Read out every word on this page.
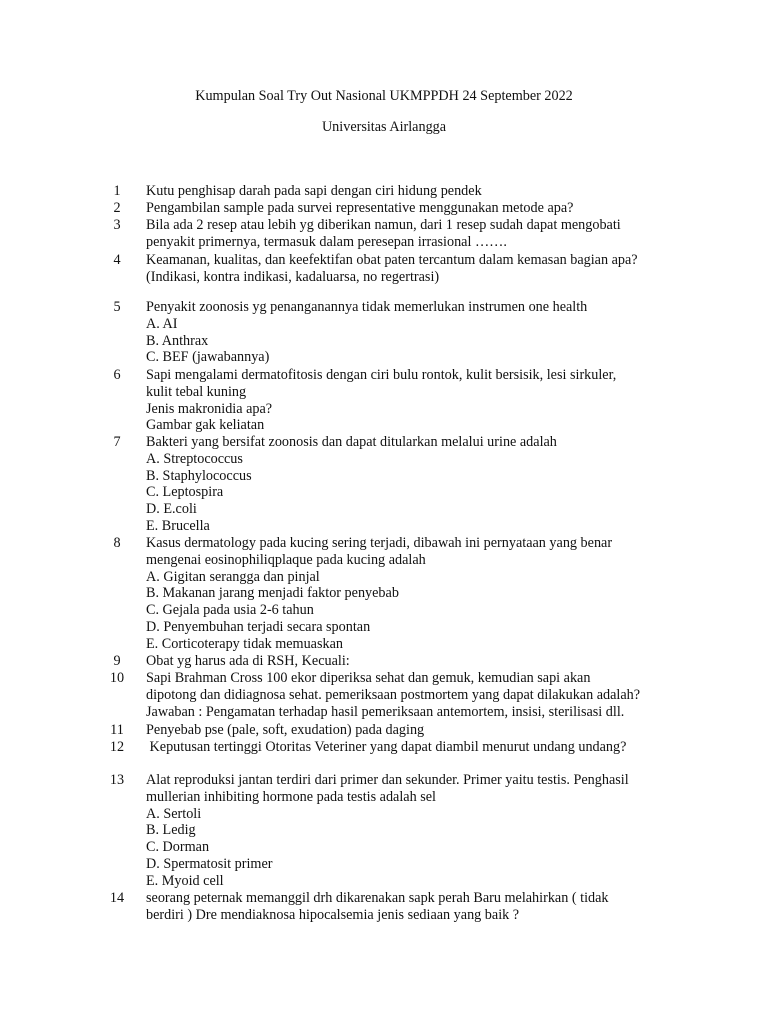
Kumpulan Soal Try Out Nasional UKMPPDH 24 September 2022
Universitas Airlangga
1	Kutu penghisap darah pada sapi dengan ciri hidung pendek
2	Pengambilan sample pada survei representative menggunakan metode apa?
3	Bila ada 2 resep atau lebih yg diberikan namun, dari 1 resep sudah dapat mengobati
penyakit primernya, termasuk dalam peresepan irrasional …….
4	Keamanan, kualitas, dan keefektifan obat paten tercantum dalam kemasan bagian apa?
(Indikasi, kontra indikasi, kadaluarsa, no regertrasi)
5	Penyakit zoonosis yg penanganannya tidak memerlukan instrumen one health
A. AI
B. Anthrax
C. BEF (jawabannya)
6	Sapi mengalami dermatofitosis dengan ciri bulu rontok, kulit bersisik, lesi sirkuler,
kulit tebal kuning
Jenis makronidia apa?
Gambar gak keliatan
7	Bakteri yang bersifat zoonosis dan dapat ditularkan melalui urine adalah
A. Streptococcus
B. Staphylococcus
C. Leptospira
D. E.coli
E. Brucella
8	Kasus dermatology pada kucing sering terjadi, dibawah ini pernyataan yang benar
mengenai eosinophiliqplaque pada kucing adalah
A. Gigitan serangga dan pinjal
B. Makanan jarang menjadi faktor penyebab
C. Gejala pada usia 2-6 tahun
D. Penyembuhan terjadi secara spontan
E. Corticoterapy tidak memuaskan
9	Obat yg harus ada di RSH, Kecuali:
10	Sapi Brahman Cross 100 ekor diperiksa sehat dan gemuk, kemudian sapi akan
dipotong dan didiagnosa sehat. pemeriksaan postmortem yang dapat dilakukan adalah?
Jawaban : Pengamatan terhadap hasil pemeriksaan antemortem, insisi, sterilisasi dll.
11	Penyebab pse (pale, soft, exudation) pada daging
12	Keputusan tertinggi Otoritas Veteriner yang dapat diambil menurut undang undang?
13	Alat reproduksi jantan terdiri dari primer dan sekunder. Primer yaitu testis. Penghasil
mullerian inhibiting hormone pada testis adalah sel
A. Sertoli
B. Ledig
C. Dorman
D. Spermatosit primer
E. Myoid cell
14	seorang peternak memanggil drh dikarenakan sapk perah Baru melahirkan ( tidak
berdiri ) Dre mendiaknosa hipocalsemia jenis sediaan yang baik ?
